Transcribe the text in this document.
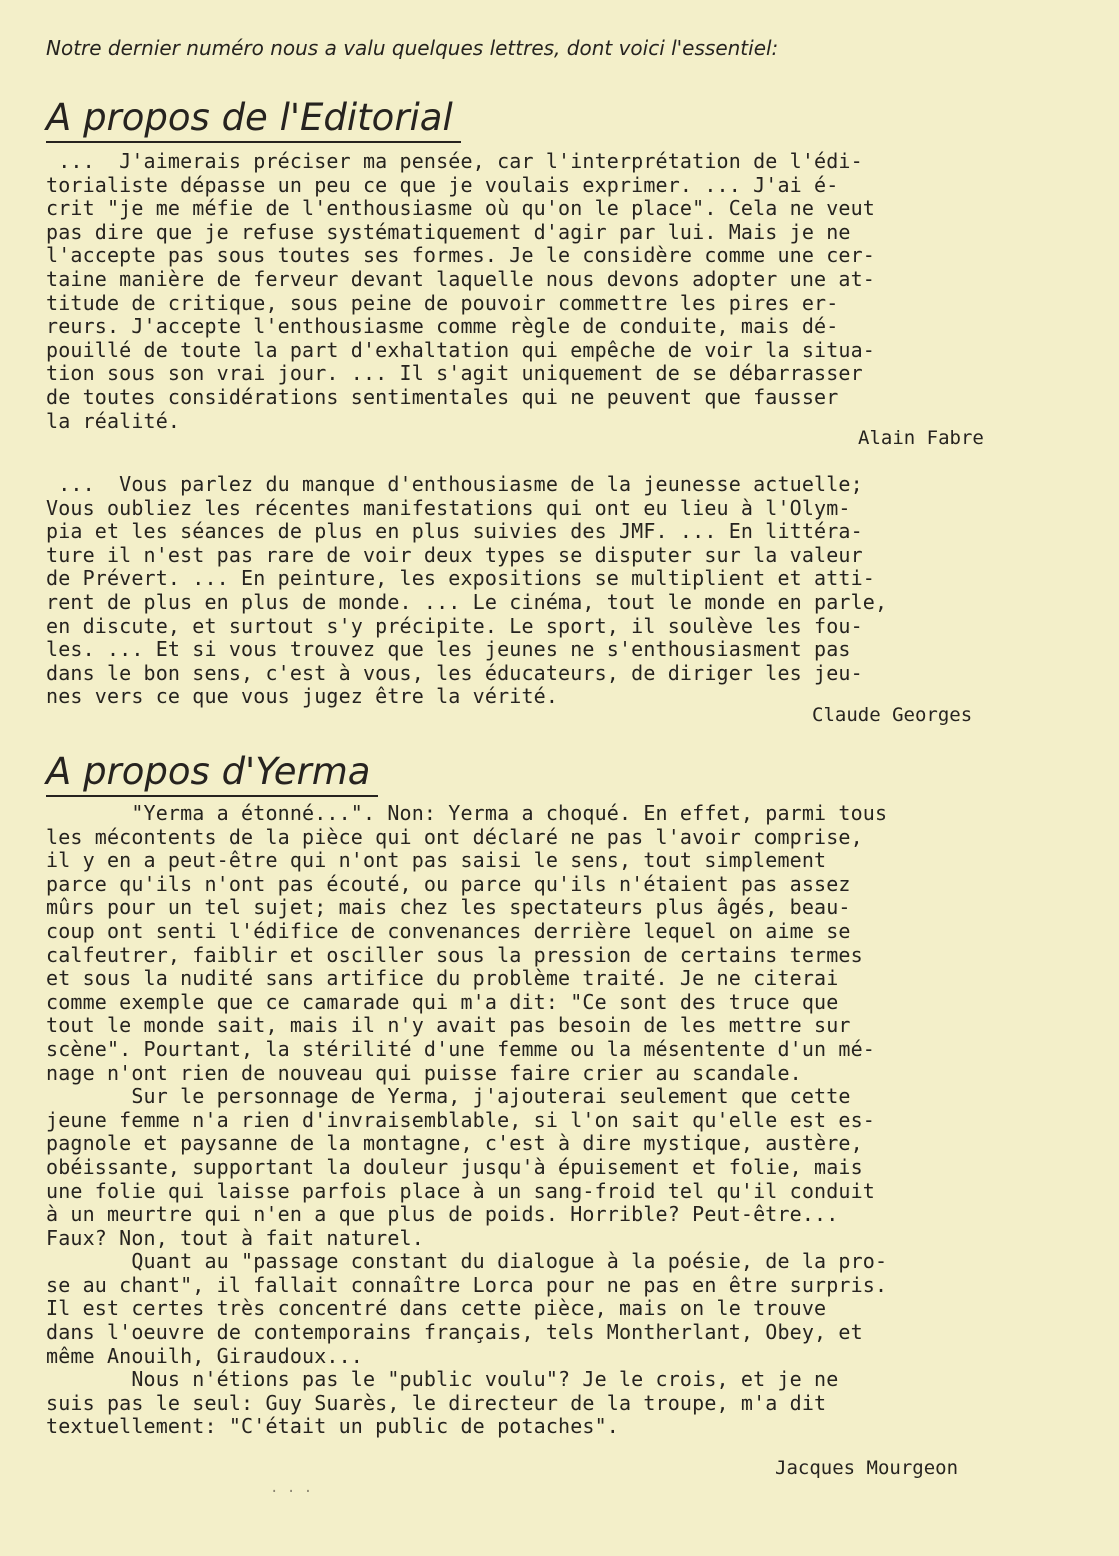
Notre dernier numéro nous a valu quelques lettres, dont voici l'essentiel:
A propos de l'Editorial
...  J'aimerais préciser ma pensée, car l'interprétation de l'édi-
torialiste dépasse un peu ce que je voulais exprimer. ... J'ai é-
crit "je me méfie de l'enthousiasme où qu'on le place". Cela ne veut
pas dire que je refuse systématiquement d'agir par lui. Mais je ne
l'accepte pas sous toutes ses formes. Je le considère comme une cer-
taine manière de ferveur devant laquelle nous devons adopter une at-
titude de critique, sous peine de pouvoir commettre les pires er-
reurs. J'accepte l'enthousiasme comme règle de conduite, mais dé-
pouillé de toute la part d'exhaltation qui empêche de voir la situa-
tion sous son vrai jour. ... Il s'agit uniquement de se débarrasser
de toutes considérations sentimentales qui ne peuvent que fausser
la réalité.
Alain Fabre
...  Vous parlez du manque d'enthousiasme de la jeunesse actuelle;
Vous oubliez les récentes manifestations qui ont eu lieu à l'Olym-
pia et les séances de plus en plus suivies des JMF. ... En littéra-
ture il n'est pas rare de voir deux types se disputer sur la valeur
de Prévert. ... En peinture, les expositions se multiplient et atti-
rent de plus en plus de monde. ... Le cinéma, tout le monde en parle,
en discute, et surtout s'y précipite. Le sport, il soulève les fou-
les. ... Et si vous trouvez que les jeunes ne s'enthousiasment pas
dans le bon sens, c'est à vous, les éducateurs, de diriger les jeu-
nes vers ce que vous jugez être la vérité.
Claude Georges
A propos d'Yerma
"Yerma a étonné...". Non: Yerma a choqué. En effet, parmi tous
les mécontents de la pièce qui ont déclaré ne pas l'avoir comprise,
il y en a peut-être qui n'ont pas saisi le sens, tout simplement
parce qu'ils n'ont pas écouté, ou parce qu'ils n'étaient pas assez
mûrs pour un tel sujet; mais chez les spectateurs plus âgés, beau-
coup ont senti l'édifice de convenances derrière lequel on aime se
calfeutrer, faiblir et osciller sous la pression de certains termes
et sous la nudité sans artifice du problème traité. Je ne citerai
comme exemple que ce camarade qui m'a dit: "Ce sont des truce que
tout le monde sait, mais il n'y avait pas besoin de les mettre sur
scène". Pourtant, la stérilité d'une femme ou la mésentente d'un mé-
nage n'ont rien de nouveau qui puisse faire crier au scandale.
Sur le personnage de Yerma, j'ajouterai seulement que cette
jeune femme n'a rien d'invraisemblable, si l'on sait qu'elle est es-
pagnole et paysanne de la montagne, c'est à dire mystique, austère,
obéissante, supportant la douleur jusqu'à épuisement et folie, mais
une folie qui laisse parfois place à un sang-froid tel qu'il conduit
à un meurtre qui n'en a que plus de poids. Horrible? Peut-être...
Faux? Non, tout à fait naturel.
Quant au "passage constant du dialogue à la poésie, de la pro-
se au chant", il fallait connaître Lorca pour ne pas en être surpris.
Il est certes très concentré dans cette pièce, mais on le trouve
dans l'oeuvre de contemporains français, tels Montherlant, Obey, et
même Anouilh, Giraudoux...
Nous n'étions pas le "public voulu"? Je le crois, et je ne
suis pas le seul: Guy Suarès, le directeur de la troupe, m'a dit
textuellement: "C'était un public de potaches".
Jacques Mourgeon
. . .
